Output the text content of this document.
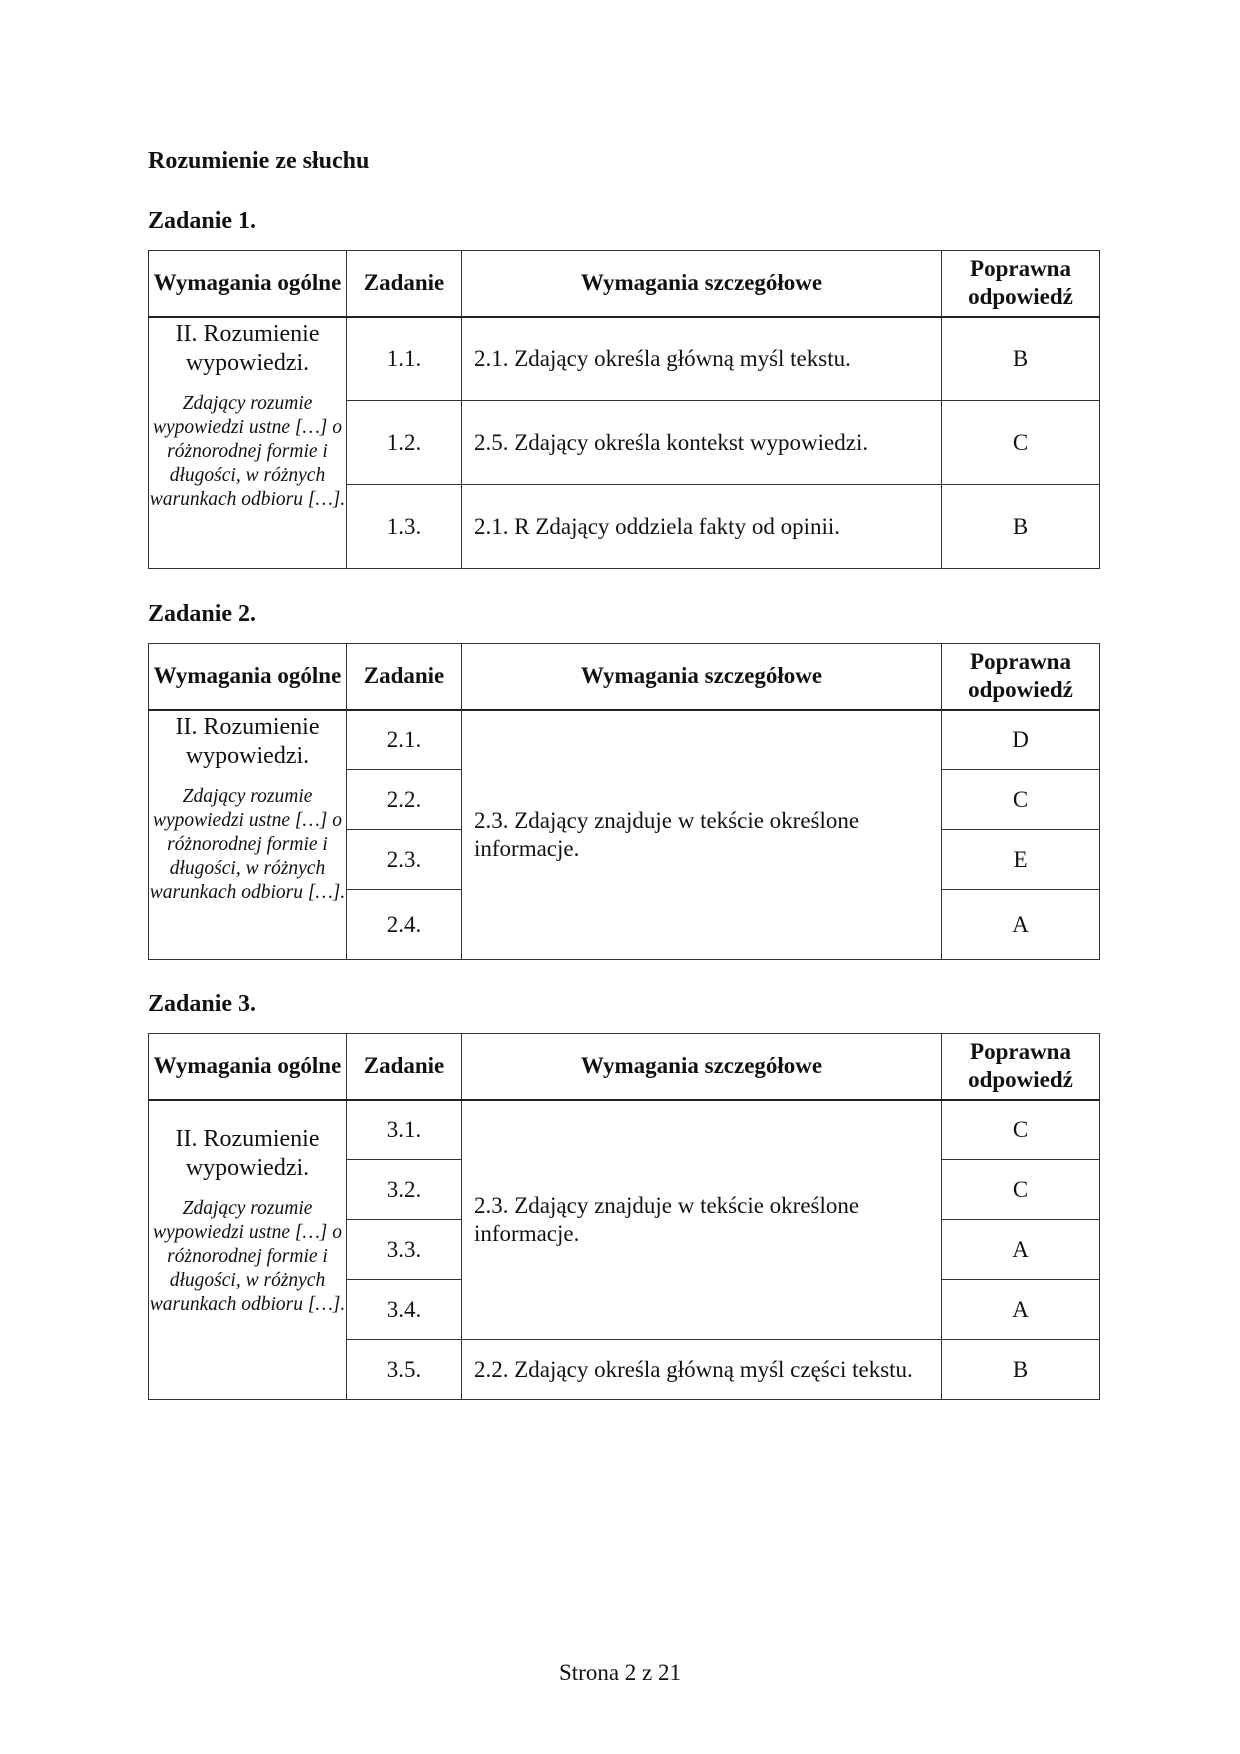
Rozumienie ze słuchu
Zadanie 1.
Wymagania ogólne	Zadanie	Wymagania szczegółowe	Poprawna odpowiedź

II. Rozumienie wypowiedzi.
Zdający rozumie wypowiedzi ustne […] o różnorodnej formie i długości, w różnych warunkach odbioru […].	1.1.	2.1. Zdający określa główną myśl tekstu.	B
	1.2.	2.5. Zdający określa kontekst wypowiedzi.	C
	1.3.	2.1. R Zdający oddziela fakty od opinii.	B
Zadanie 2.
Wymagania ogólne	Zadanie	Wymagania szczegółowe	Poprawna odpowiedź

II. Rozumienie wypowiedzi.
Zdający rozumie wypowiedzi ustne […] o różnorodnej formie i długości, w różnych warunkach odbioru […].	2.1.	2.3. Zdający znajduje w tekście określone informacje.	D
	2.2.		C
	2.3.		E
	2.4.		A
Zadanie 3.
Wymagania ogólne	Zadanie	Wymagania szczegółowe	Poprawna odpowiedź

II. Rozumienie wypowiedzi.
Zdający rozumie wypowiedzi ustne […] o różnorodnej formie i długości, w różnych warunkach odbioru […].	3.1.	2.3. Zdający znajduje w tekście określone informacje.	C
	3.2.		C
	3.3.		A
	3.4.		A
	3.5.	2.2. Zdający określa główną myśl części tekstu.	B
Strona 2 z 21
